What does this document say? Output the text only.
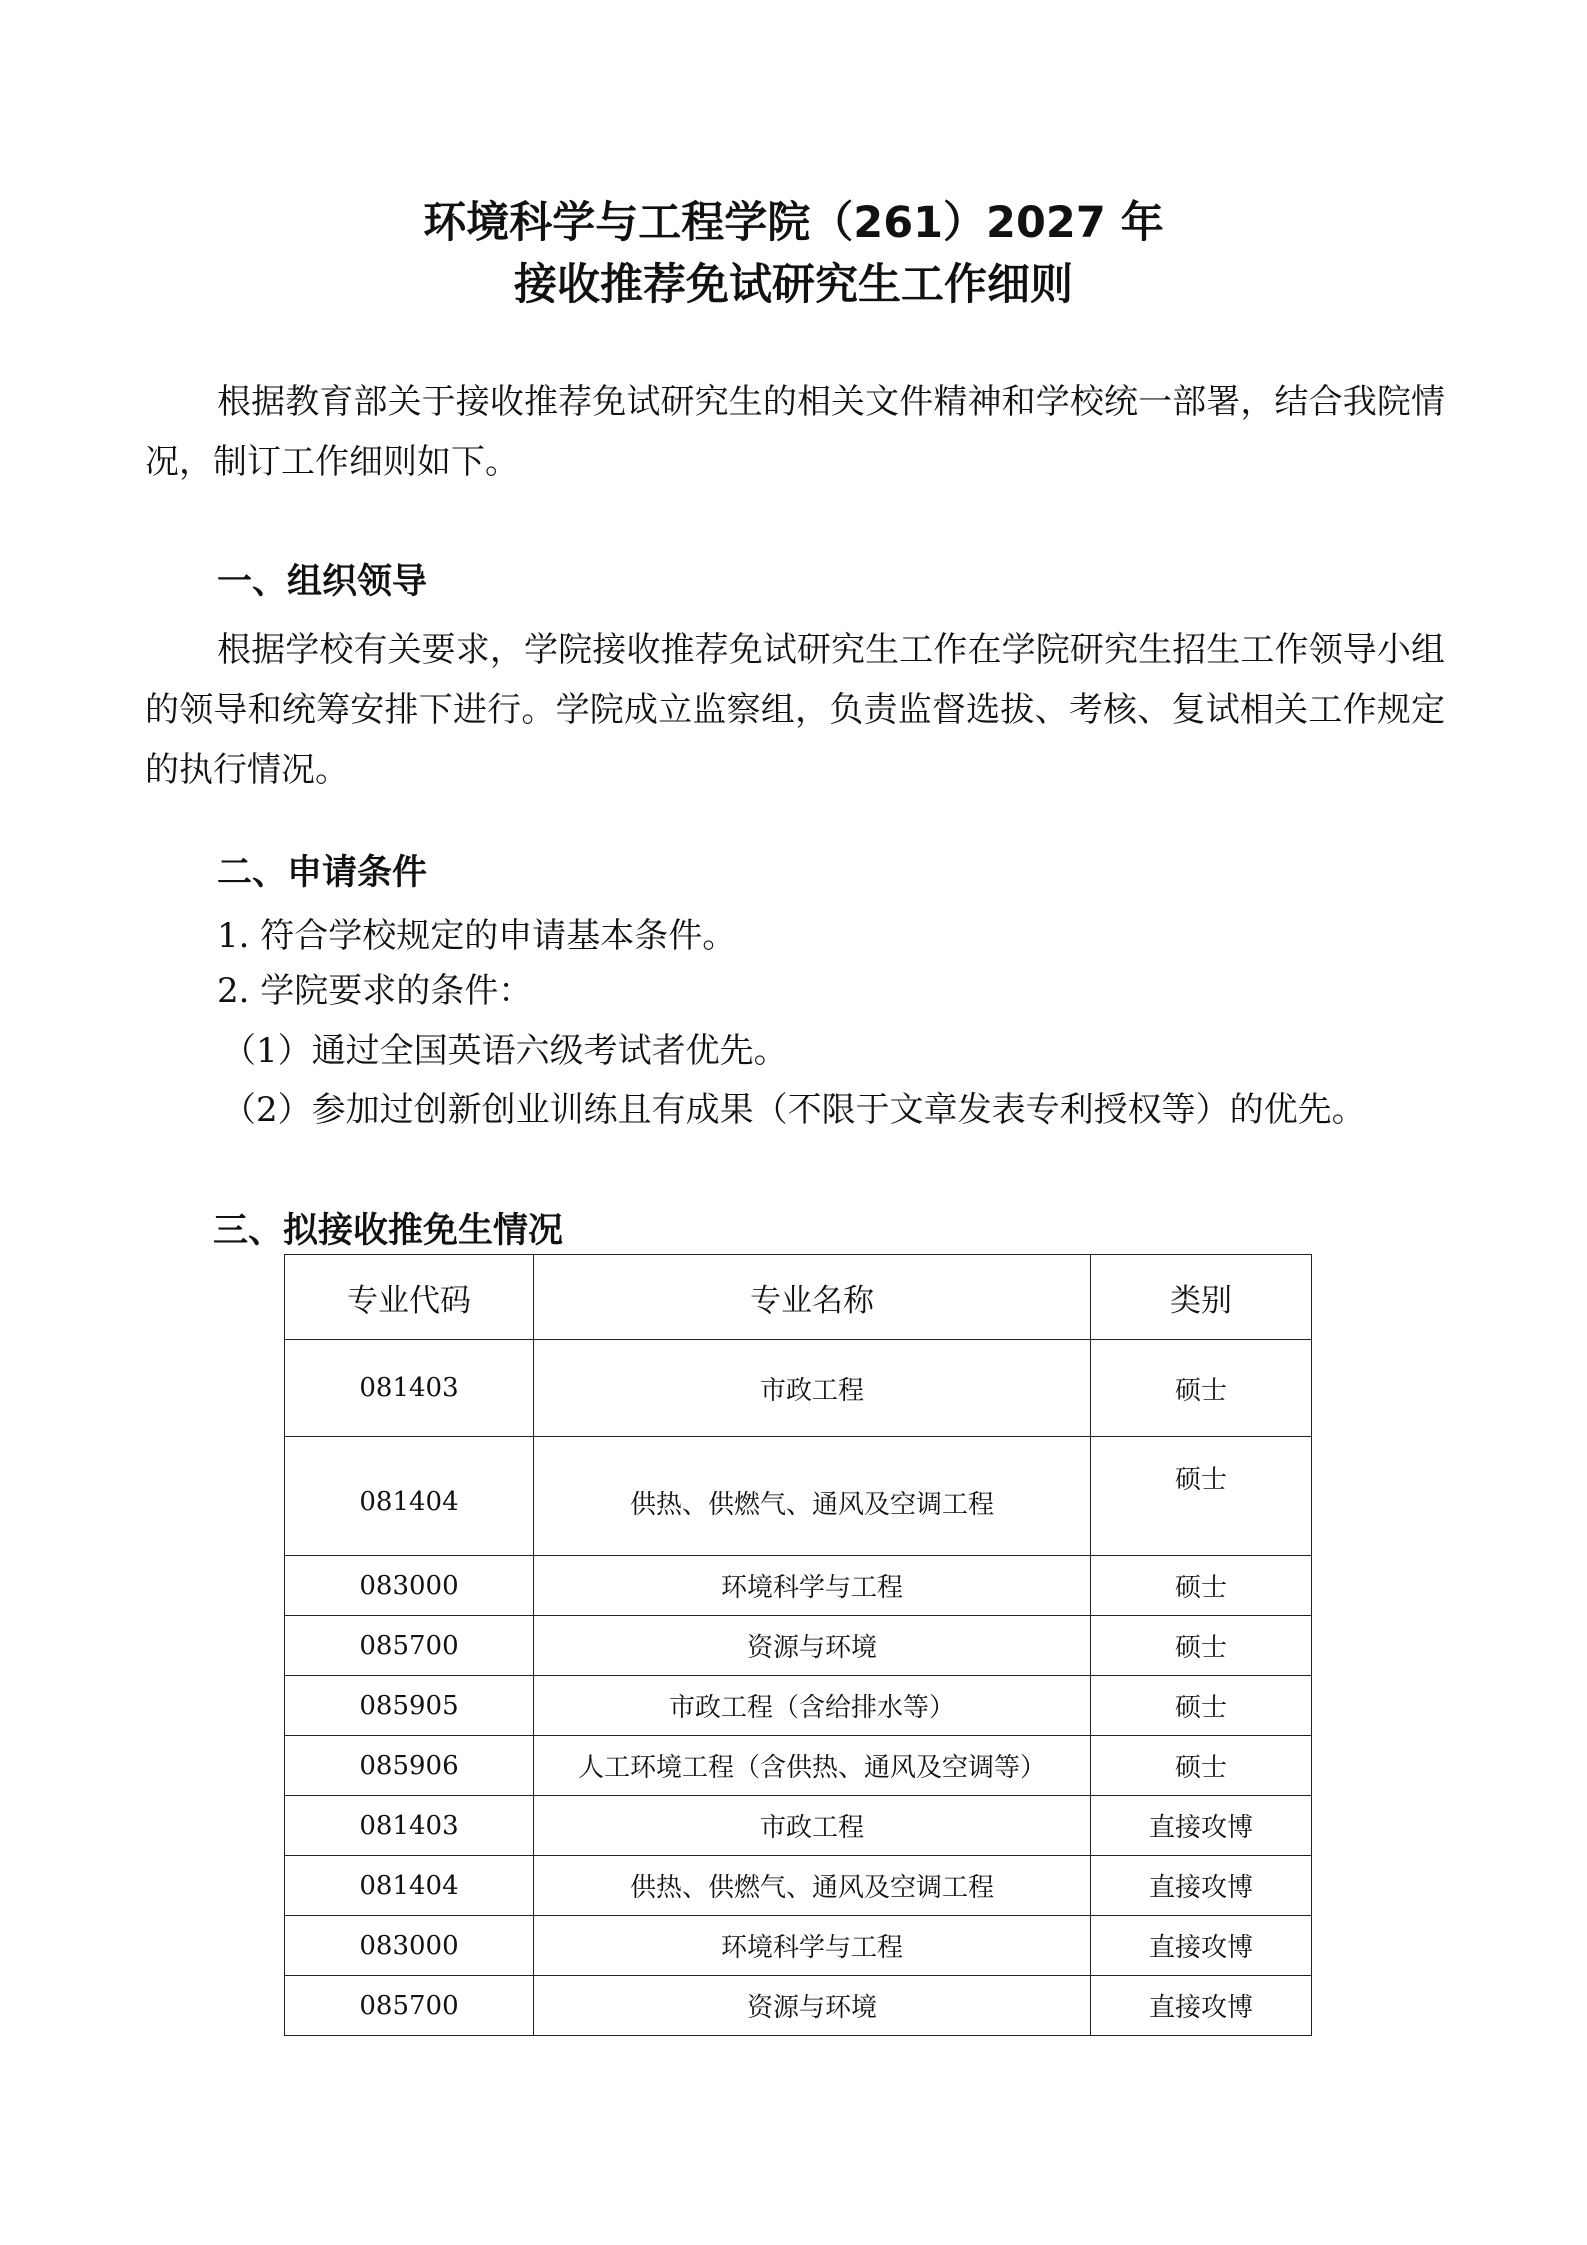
环境科学与工程学院（261）2027 年
接收推荐免试研究生工作细则

根据教育部关于接收推荐免试研究生的相关文件精神和学校统一部署，结合我院情况，制订工作细则如下。

一、组织领导

根据学校有关要求，学院接收推荐免试研究生工作在学院研究生招生工作领导小组的领导和统筹安排下进行。学院成立监察组，负责监督选拔、考核、复试相关工作规定的执行情况。

二、申请条件

1. 符合学校规定的申请基本条件。

2. 学院要求的条件：

（1）通过全国英语六级考试者优先。

（2）参加过创新创业训练且有成果（不限于文章发表专利授权等）的优先。

三、拟接收推免生情况
专业代码	专业名称	类别
081403	市政工程	硕士
081404	供热、供燃气、通风及空调工程	硕士
083000	环境科学与工程	硕士
085700	资源与环境	硕士
085905	市政工程（含给排水等）	硕士
085906	人工环境工程（含供热、通风及空调等）	硕士
081403	市政工程	直接攻博
081404	供热、供燃气、通风及空调工程	直接攻博
083000	环境科学与工程	直接攻博
085700	资源与环境	直接攻博
